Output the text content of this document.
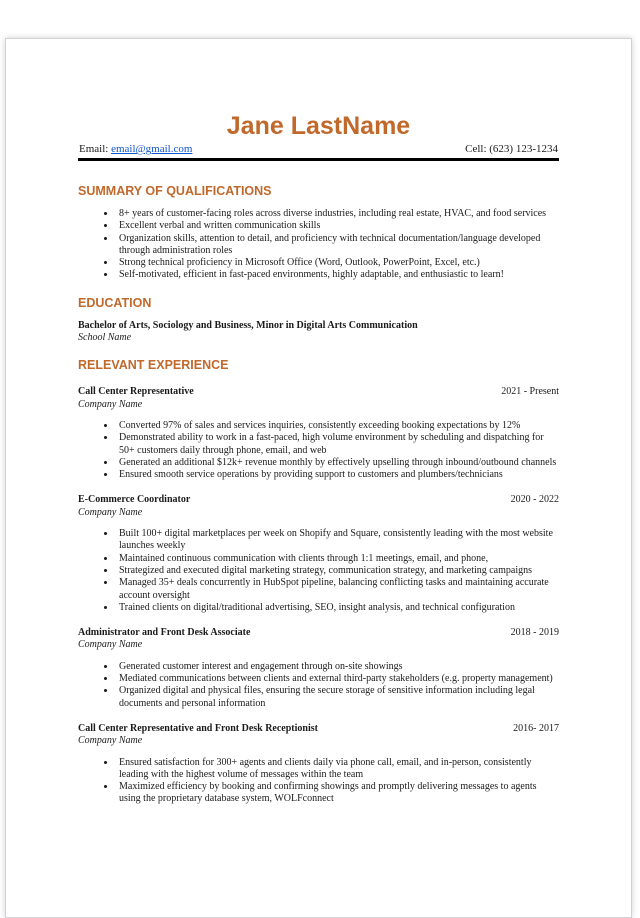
Jane LastName
Email: email@gmail.com	Cell: (623) 123-1234
SUMMARY OF QUALIFICATIONS
• 8+ years of customer-facing roles across diverse industries, including real estate, HVAC, and food services
• Excellent verbal and written communication skills
• Organization skills, attention to detail, and proficiency with technical documentation/language developed through administration roles
• Strong technical proficiency in Microsoft Office (Word, Outlook, PowerPoint, Excel, etc.)
• Self-motivated, efficient in fast-paced environments, highly adaptable, and enthusiastic to learn!
EDUCATION
Bachelor of Arts, Sociology and Business, Minor in Digital Arts Communication
School Name
RELEVANT EXPERIENCE
Call Center Representative	2021 - Present
Company Name
• Converted 97% of sales and services inquiries, consistently exceeding booking expectations by 12%
• Demonstrated ability to work in a fast-paced, high volume environment by scheduling and dispatching for 50+ customers daily through phone, email, and web
• Generated an additional $12k+ revenue monthly by effectively upselling through inbound/outbound channels
• Ensured smooth service operations by providing support to customers and plumbers/technicians
E-Commerce Coordinator	2020 - 2022
Company Name
• Built 100+ digital marketplaces per week on Shopify and Square, consistently leading with the most website launches weekly
• Maintained continuous communication with clients through 1:1 meetings, email, and phone,
• Strategized and executed digital marketing strategy, communication strategy, and marketing campaigns
• Managed 35+ deals concurrently in HubSpot pipeline, balancing conflicting tasks and maintaining accurate account oversight
• Trained clients on digital/traditional advertising, SEO, insight analysis, and technical configuration
Administrator and Front Desk Associate	2018 - 2019
Company Name
• Generated customer interest and engagement through on-site showings
• Mediated communications between clients and external third-party stakeholders (e.g. property management)
• Organized digital and physical files, ensuring the secure storage of sensitive information including legal documents and personal information
Call Center Representative and Front Desk Receptionist	2016- 2017
Company Name
• Ensured satisfaction for 300+ agents and clients daily via phone call, email, and in-person, consistently leading with the highest volume of messages within the team
• Maximized efficiency by booking and confirming showings and promptly delivering messages to agents using the proprietary database system, WOLFconnect
